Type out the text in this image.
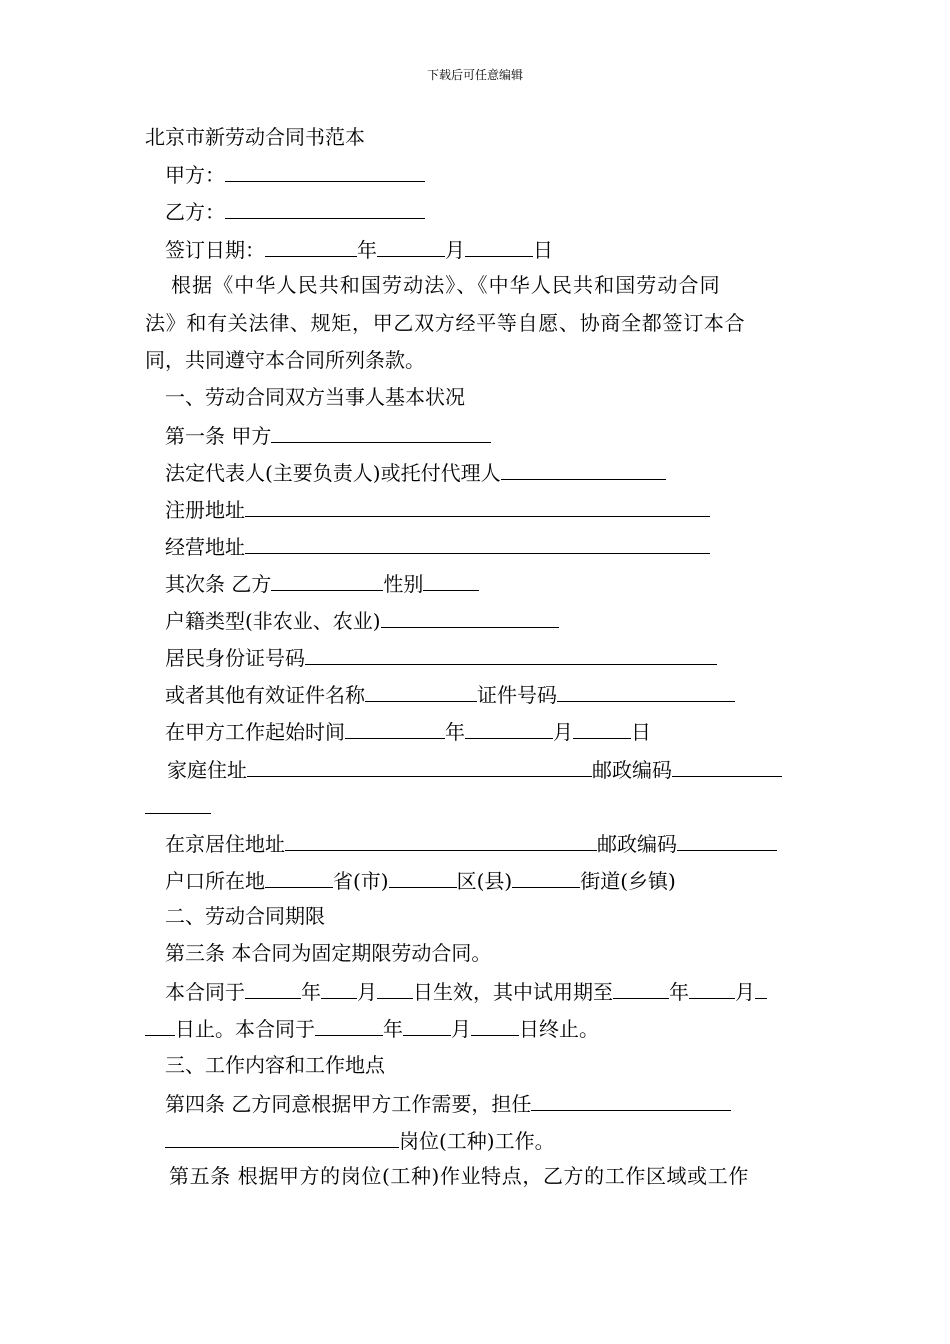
下载后可任意编辑
北京市新劳动合同书范本
甲方：
乙方：
签订日期：	年	月	日
根据《中华人民共和国劳动法》、《中华人民共和国劳动合同
法》和有关法律、规矩，甲乙双方经平等自愿、协商全都签订本合
同，共同遵守本合同所列条款。
一、劳动合同双方当事人基本状况
第一条 甲方
法定代表人(主要负责人)或托付代理人
注册地址
经营地址
其次条 乙方	性别
户籍类型(非农业、农业)
居民身份证号码
或者其他有效证件名称	证件号码
在甲方工作起始时间	年	月	日
家庭住址	邮政编码
在京居住地址	邮政编码
户口所在地	省(市)	区(县)	街道(乡镇)
二、劳动合同期限
第三条 本合同为固定期限劳动合同。
本合同于	年 月 日生效，其中试用期至	年 月
日止。本合同于	年 月 日终止。
三、工作内容和工作地点
第四条 乙方同意根据甲方工作需要，担任
岗位(工种)工作。
第五条 根据甲方的岗位(工种)作业特点，乙方的工作区域或工作
